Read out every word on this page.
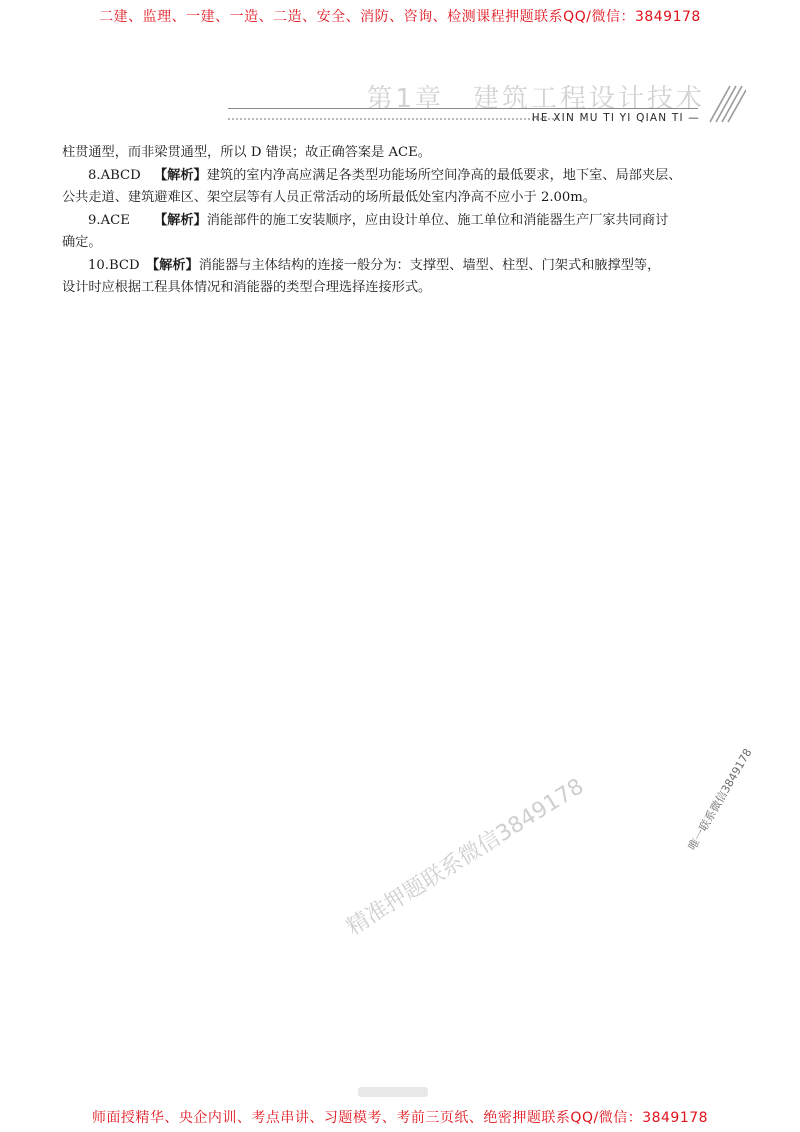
二建、监理、一建、一造、二造、安全、消防、咨询、检测课程押题联系QQ/微信：3849178
第1章　建筑工程设计技术
HE XIN MU TI YI QIAN TI —

柱贯通型，而非梁贯通型，所以 D 错误；故正确答案是 ACE。

8.ABCD 【解析】建筑的室内净高应满足各类型功能场所空间净高的最低要求，地下室、局部夹层、

公共走道、建筑避难区、架空层等有人员正常活动的场所最低处室内净高不应小于 2.00m。

9.ACE 【解析】消能部件的施工安装顺序，应由设计单位、施工单位和消能器生产厂家共同商讨

确定。

10.BCD 【解析】消能器与主体结构的连接一般分为：支撑型、墙型、柱型、门架式和腋撑型等，

设计时应根据工程具体情况和消能器的类型合理选择连接形式。

精准押题联系微信3849178	唯一联系微信3849178
师面授精华、央企内训、考点串讲、习题模考、考前三页纸、绝密押题联系QQ/微信：3849178
